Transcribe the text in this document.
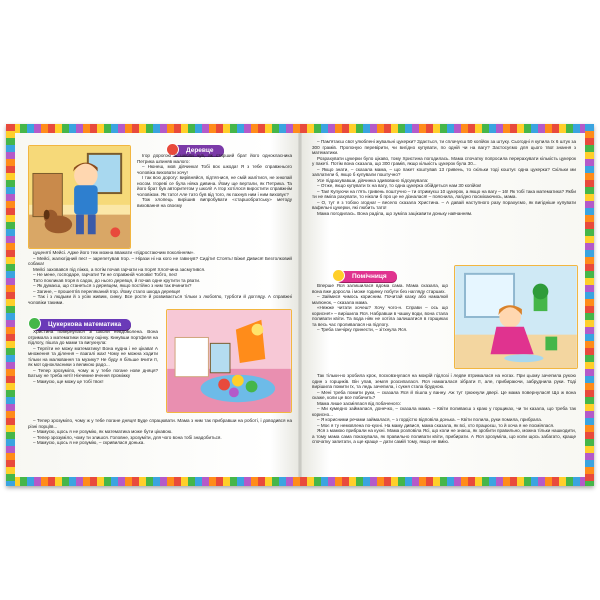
Деревце

Ігор дорогою зі школи чув, як старший брат його однокласника Петрика шпиняв малого:

– Нюнеш, мов дівчинка! Тобі вох шкода! Я з тебе справжнього чоловіка виховати хочу!

І так всю дорогу: вирівняйся, підтягнися, не смій жалітися, не хнюпай носом. Ігореві се була ніяка дивина. Йому ще вертали, як Петрика. Та його брат був авторитетом у школі! А Ігор хотілося виростити справжнім чоловіком. Як тато! Але тато був від того, як пахнув ним і ним виховує?

Тож хлопець вирішив випробувати «старшобратську» методу виховання на своєму

цуценяті Мейсі. Адже його теж можна вважати «підростаючим поколінням».

– Мейсі, жалюгідний пес! – зарепетував Ігор. – Нірази ні на кого не гавкнув? Сидіти! Стоять! Біжи! Дивися! Безтолковий собака!

Мейсі заховався під ліжко, а потім почав гарчати на Ігоря! Хлопчина засмутився.

– Не мене, господаре, гарчати! Ти не справжній чоловік! Тобто, пес!

Тато покликав Ігоря в садок, до нього деревця, й почав одне крутити та рвати.

– Як думаєш, що станеться з деревцем, якщо постійно з ним так вчинити?

– Загине, – прошептів переляканий Ігор. Йому стало шкода деревце!

– Так і з людьми й з усім живим, синку. Все росте й розвивається тільки з любов'ю, турботи й догляду. А справжні чоловіки такими.

Цукеркова математика

Христина повернулася зі школи невдоволена. Вона отримала з математики погану оцінку. Кинувши портфеля на підлогу, пішла до мами та вигукнула:

– Терпіти не можу математику! Вона нудна і не цікава! А множення та ділення – взагалі жах! Чому не можна ходити тільки на малювання та музику? Не буду я більше вчити її, як мої однокласники з великою радо...

– Тепер зрозуміло, чому ж у тебе погане нове дняця? Батьку не треба неті! Нікчемне вчення проміжку

– Мамусю, ще можу це тобі твоє!

– Тепер зрозуміло, чому ж у тебе погане дняця! Буде спрацювати. Мама з ним так прибравши на роботі, і доводився на різні порціїв...

– Мамусю, щось я не розумію, як математика може бути цікавою.

– Тепер зрозуміло, чому ти злишся. Головне, зрозуміти, для чого вона тобі знадобиться.

– Мамусю, щось я не розумію, – скривилася донька.

– Пам'ятаєш свої улюблені жувальні цукерки? Здається, ти сплачуєш 50 копійок за штуку. Сьогодні я купила їх 6 штук за 300 грамів. Пропоную перевірити, чи вигідно купувати, по одній чи на вагу? Застосуємо для цього твої знання з математики.

Розрахувати цукерки було цікаво, тому Христина погодилась. Мама спочатку попросила перерахувати кількість цукерок у пакеті. Потім вона сказала, що 300 грамів, якщо кількість цукерок була 30...

– Якщо знати, – сказала мама, – що пакет коштував 13 гривень, то скільки тоді коштує одна цукерка? Скільки ми заплатили б, якщо б купували поштучно?

Усе підрахувавши, дівчинка здивовано підсумувала:

– Отже, якщо купувати їх на вагу, то одна цукерка обійдеться нам 30 копійок!

– Так! Купуючи на п'ять гривень поштучно – ти отримуєш 10 цукерок, а якщо на вагу – 16! Як тобі така математика? Якби ти не вміла рахувати, то ніколи б про це не дізналася! – пояснила, лагідно посміхаючись, мама.

– О, тут я з тобою згодна! – весело сказала Христина. – А давай наступного разу порахуємо, як вигідніше купувати вафельні цукерки, які любить тато!

Мама погодилась. Вона раділа, що зуміла зацікавити доньку навчанням.

Помічниця

Вперше Яся залишилася вдома сама. Мама сказала, що вона вже доросла і може годинку побути без нагляду старших.

– Займися чимось корисним. Почитай казку або намалюй малюнок, – сказала мама.

«Нежже читати хочеш? Хочу чого-н. Справи – ось що корисне!» – вирішила Яся. Набравши в чашку води, вона стала поливати квіти. Та вода ніяк не хотіла залишатися в горщиках та весь час проливалася на підлогу.

– Треба ганчірку принести, – зітхнула Яся.

Так тільки-но зробила крок, посковзнулася на мокрій підлозі і ледве втрималася на ногах. При цьому зачепила рукою один з горщиків. Він упав, земля розсипалася. Яся намагалася зібрати її, але, прибираючи, забруднила руки. Тоді вирішила помити їх, та ледь зачепила, і сукня стала брудною.

– Мені треба помити руки, – сказала Яся й пішла у ванну. Аж тут грюкнули двері. Це мама повернулася! Що ж вона скаже, коли це все побачить?

Мама лише засміялася від побаченого:

– Ми кумедно займалася, донечко, – сказала мама. – Квіти поливаєш з краю у горщиках, чи ти казала, що треба так корисно...

– Я корисними речами займалася, – з гордістю відповіла донька. – Квіти полила, руки помила, прибрала.

– Моє я ту немовлена по-кухні. На маму дивися, мама сказала, як всі, хто працюєш, то й хоча я не посміялася.

Яся з мамою прибрали на кухні. Мама розповіла Ясі, що коли не знаєш, як зробити правильно, можна тільки нашкодити, а тому мама сама показувала, як правильно поливати квіти, прибирати. А Яся зрозуміла, що коли щось забагато, краще спочатку запитати, а ще краще – дати самій тому, якщо не вмію.
